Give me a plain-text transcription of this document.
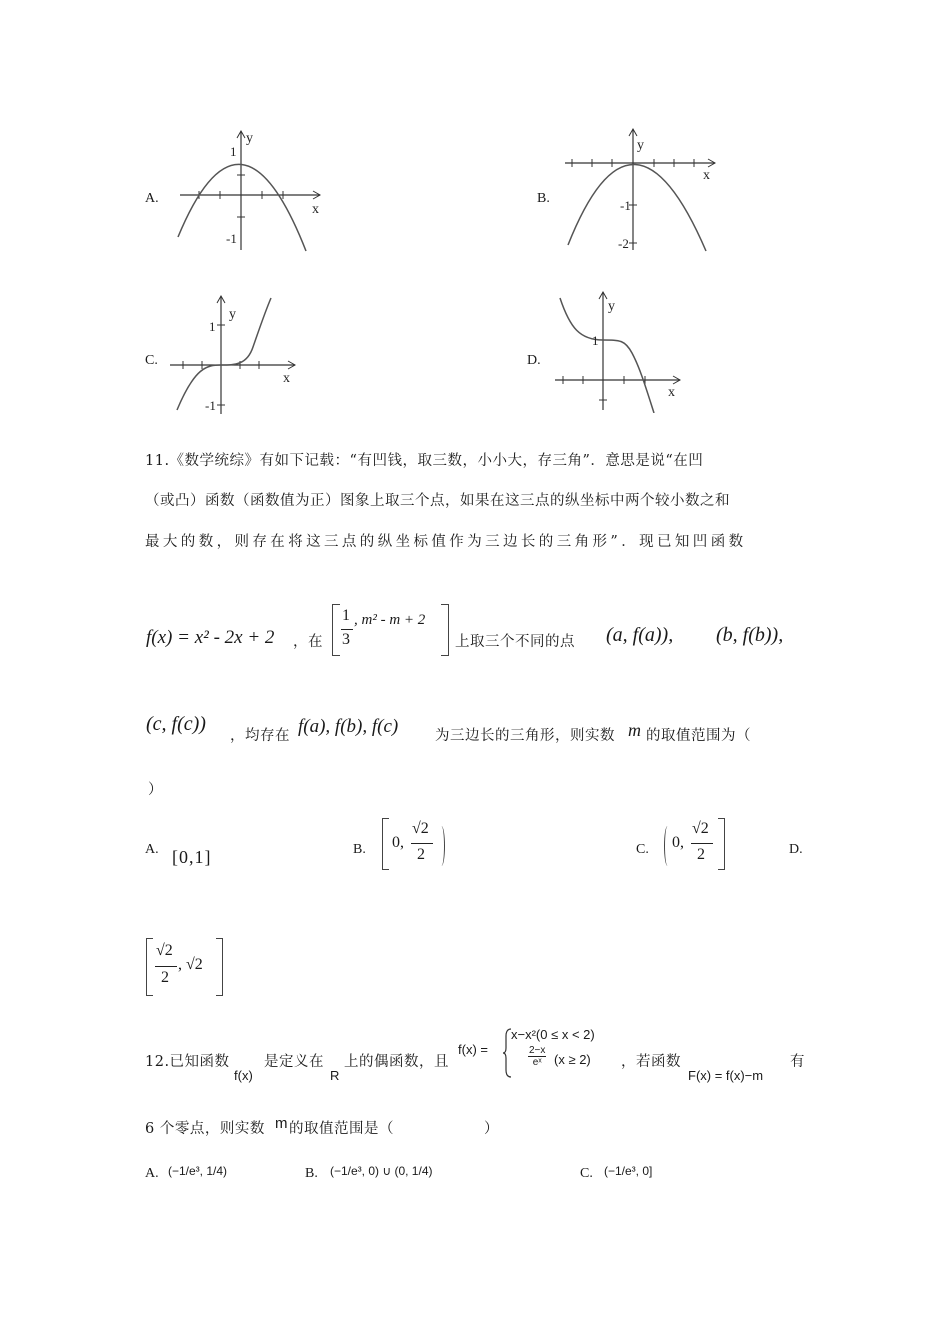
A.
y
x
1
-1
B.
y
x
-1
-2
C.
y
x
1
-1
D.
y
x
1
11.《数学统综》有如下记载：“有凹钱，取三数，小小大，存三角”．意思是说“在凹
（或凸）函数（函数值为正）图象上取三个点，如果在这三点的纵坐标中两个较小数之和
最大的数，则存在将这三点的纵坐标值作为三边长的三角形”．现已知凹函数
f(x) = x² - 2x + 2 ，在
1
3
, m² - m + 2
上取三个不同的点 (a, f(a)), (b, f(b)),
(c, f(c))
，均存在 f(a), f(b), f(c)	为三边长的三角形，则实数 m 的取值范围为（
）
A. [0,1]	B. 0,
√2
2	C. 0,
√2
2	D.
√2
2
, √2
12.已知函数
f(x)
是定义在
R
上的偶函数，且
f(x) =
x−x²(0 ≤ x < 2)
2−x
eˣ (x ≥ 2) ，若函数
F(x) = f(x)−m
有
6 个零点，则实数 m 的取值范围是（	）
A. (−1/e³, 1/4)	B. (−1/e³, 0) ∪ (0, 1/4)	C. (−1/e³, 0]
